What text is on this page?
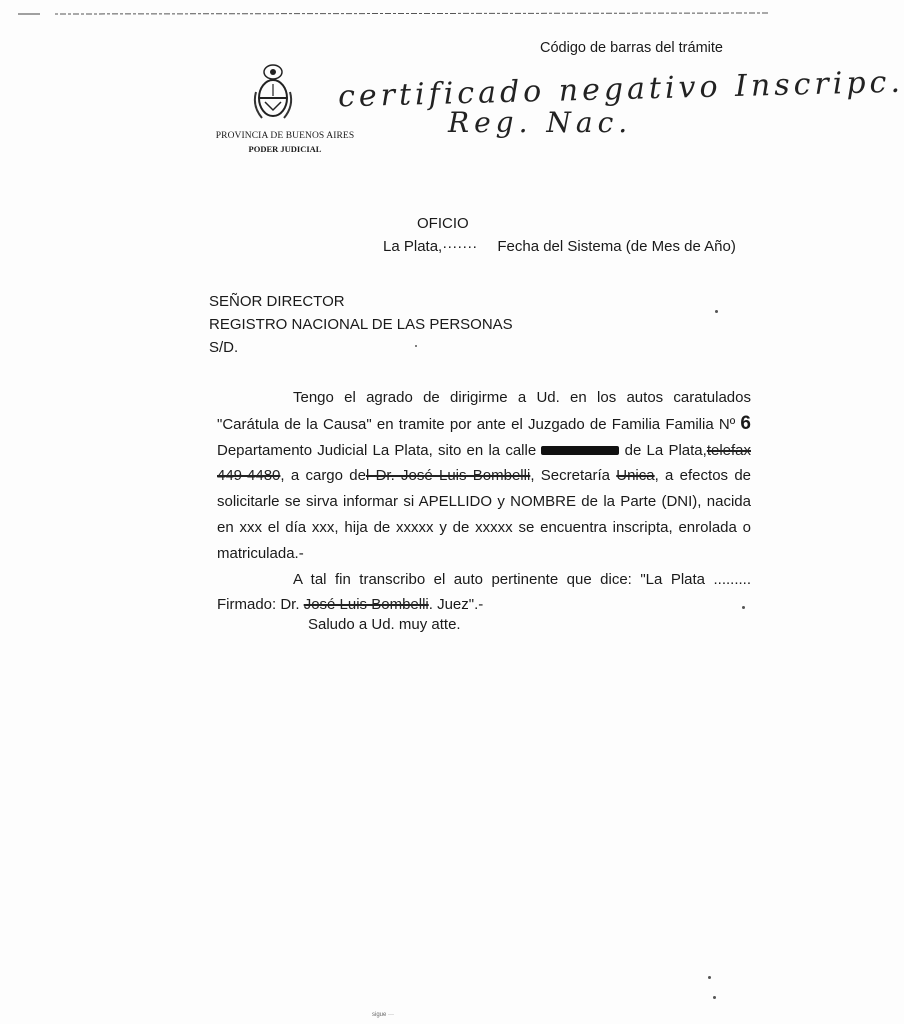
Código de barras del trámite
PROVINCIA DE BUENOS AIRES
PODER JUDICIAL
certificado negativo Inscripc.
Reg. Nac.
OFICIO
La Plata,······· Fecha del Sistema (de Mes de Año)
SEÑOR DIRECTOR
REGISTRO NACIONAL DE LAS PERSONAS
S/D.

Tengo el agrado de dirigirme a Ud. en los autos caratulados "Carátula de la Causa" en tramite por ante el Juzgado de Familia Familia Nº 6 Departamento Judicial La Plata, sito en la calle	de La Plata,telefax 449-4480, a cargo del Dr. José Luis Bombelli, Secretaría Unica, a efectos de solicitarle se sirva informar si APELLIDO y NOMBRE de la Parte (DNI), nacida en xxx el día xxx, hija de xxxxx y de xxxxx se encuentra inscripta, enrolada o matriculada.-

A tal fin transcribo el auto pertinente que dice: "La Plata .........

Firmado: Dr. José Luis Bombelli. Juez".-

Saludo a Ud. muy atte.
sigue ···
